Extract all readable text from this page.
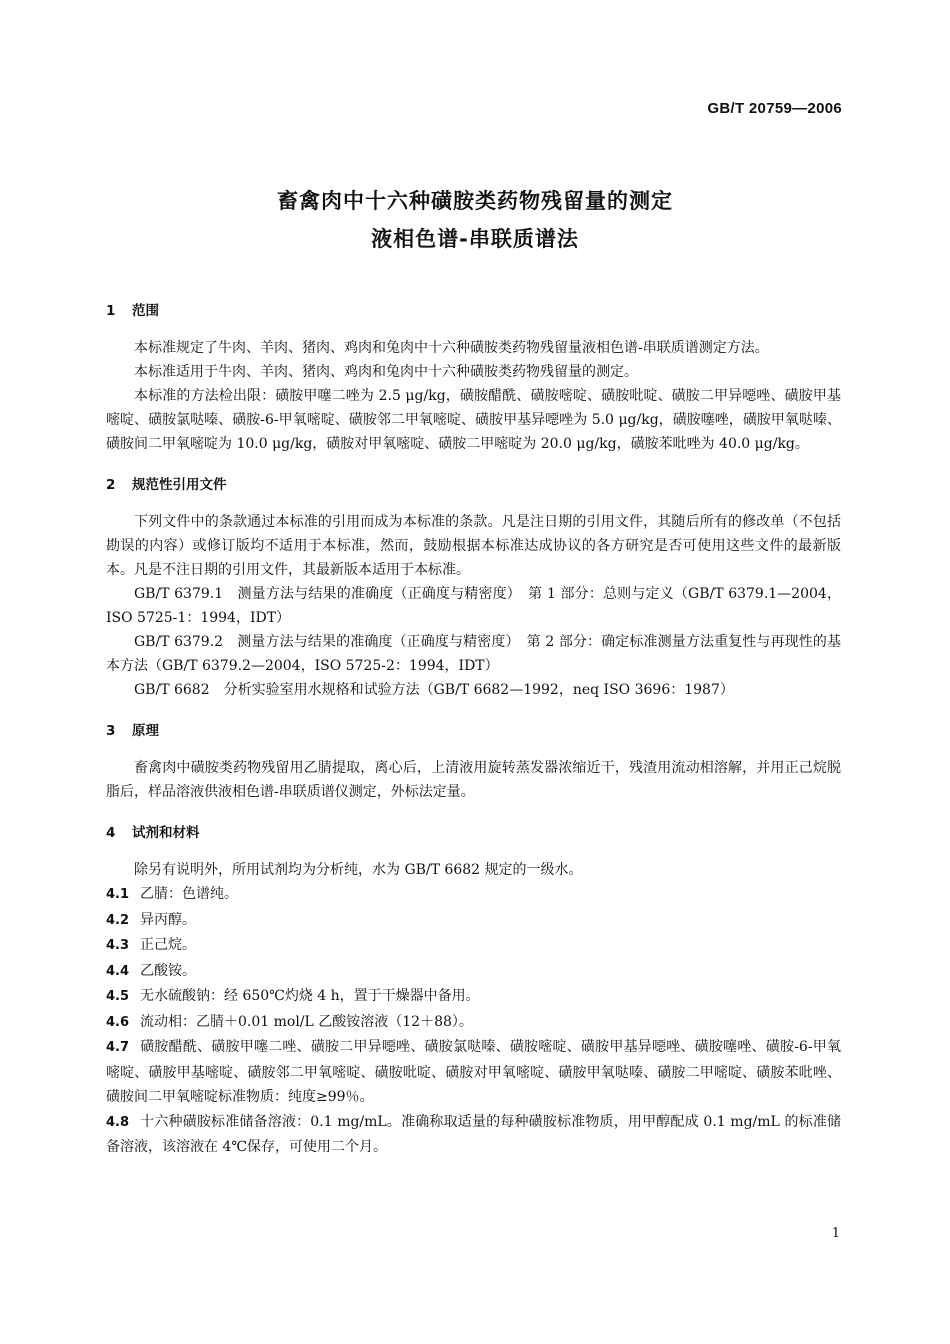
GB/T 20759—2006
畜禽肉中十六种磺胺类药物残留量的测定
液相色谱-串联质谱法
1 范围

本标准规定了牛肉、羊肉、猪肉、鸡肉和兔肉中十六种磺胺类药物残留量液相色谱-串联质谱测定方法。

本标准适用于牛肉、羊肉、猪肉、鸡肉和兔肉中十六种磺胺类药物残留量的测定。

本标准的方法检出限：磺胺甲噻二唑为 2.5 μg/kg，磺胺醋酰、磺胺嘧啶、磺胺吡啶、磺胺二甲异噁唑、磺胺甲基嘧啶、磺胺氯哒嗪、磺胺-6-甲氧嘧啶、磺胺邻二甲氧嘧啶、磺胺甲基异噁唑为 5.0 μg/kg，磺胺噻唑，磺胺甲氧哒嗪、磺胺间二甲氧嘧啶为 10.0 μg/kg，磺胺对甲氧嘧啶、磺胺二甲嘧啶为 20.0 μg/kg，磺胺苯吡唑为 40.0 μg/kg。

2 规范性引用文件

下列文件中的条款通过本标准的引用而成为本标准的条款。凡是注日期的引用文件，其随后所有的修改单（不包括勘误的内容）或修订版均不适用于本标准，然而，鼓励根据本标准达成协议的各方研究是否可使用这些文件的最新版本。凡是不注日期的引用文件，其最新版本适用于本标准。

GB/T 6379.1　测量方法与结果的准确度（正确度与精密度）　第 1 部分：总则与定义（GB/T 6379.1—2004，ISO 5725-1：1994，IDT）

GB/T 6379.2　测量方法与结果的准确度（正确度与精密度）　第 2 部分：确定标准测量方法重复性与再现性的基本方法（GB/T 6379.2—2004，ISO 5725-2：1994，IDT）

GB/T 6682　分析实验室用水规格和试验方法（GB/T 6682—1992，neq ISO 3696：1987）

3 原理

畜禽肉中磺胺类药物残留用乙腈提取，离心后，上清液用旋转蒸发器浓缩近干，残渣用流动相溶解，并用正己烷脱脂后，样品溶液供液相色谱-串联质谱仪测定，外标法定量。

4 试剂和材料

除另有说明外，所用试剂均为分析纯，水为 GB/T 6682 规定的一级水。

4.1 乙腈：色谱纯。

4.2 异丙醇。

4.3 正己烷。

4.4 乙酸铵。

4.5 无水硫酸钠：经 650℃灼烧 4 h，置于干燥器中备用。

4.6 流动相：乙腈＋0.01 mol/L 乙酸铵溶液（12＋88）。

4.7 磺胺醋酰、磺胺甲噻二唑、磺胺二甲异噁唑、磺胺氯哒嗪、磺胺嘧啶、磺胺甲基异噁唑、磺胺噻唑、磺胺-6-甲氧嘧啶、磺胺甲基嘧啶、磺胺邻二甲氧嘧啶、磺胺吡啶、磺胺对甲氧嘧啶、磺胺甲氧哒嗪、磺胺二甲嘧啶、磺胺苯吡唑、磺胺间二甲氧嘧啶标准物质：纯度≥99％。

4.8 十六种磺胺标准储备溶液：0.1 mg/mL。准确称取适量的每种磺胺标准物质，用甲醇配成 0.1 mg/mL 的标准储备溶液，该溶液在 4℃保存，可使用二个月。

1
